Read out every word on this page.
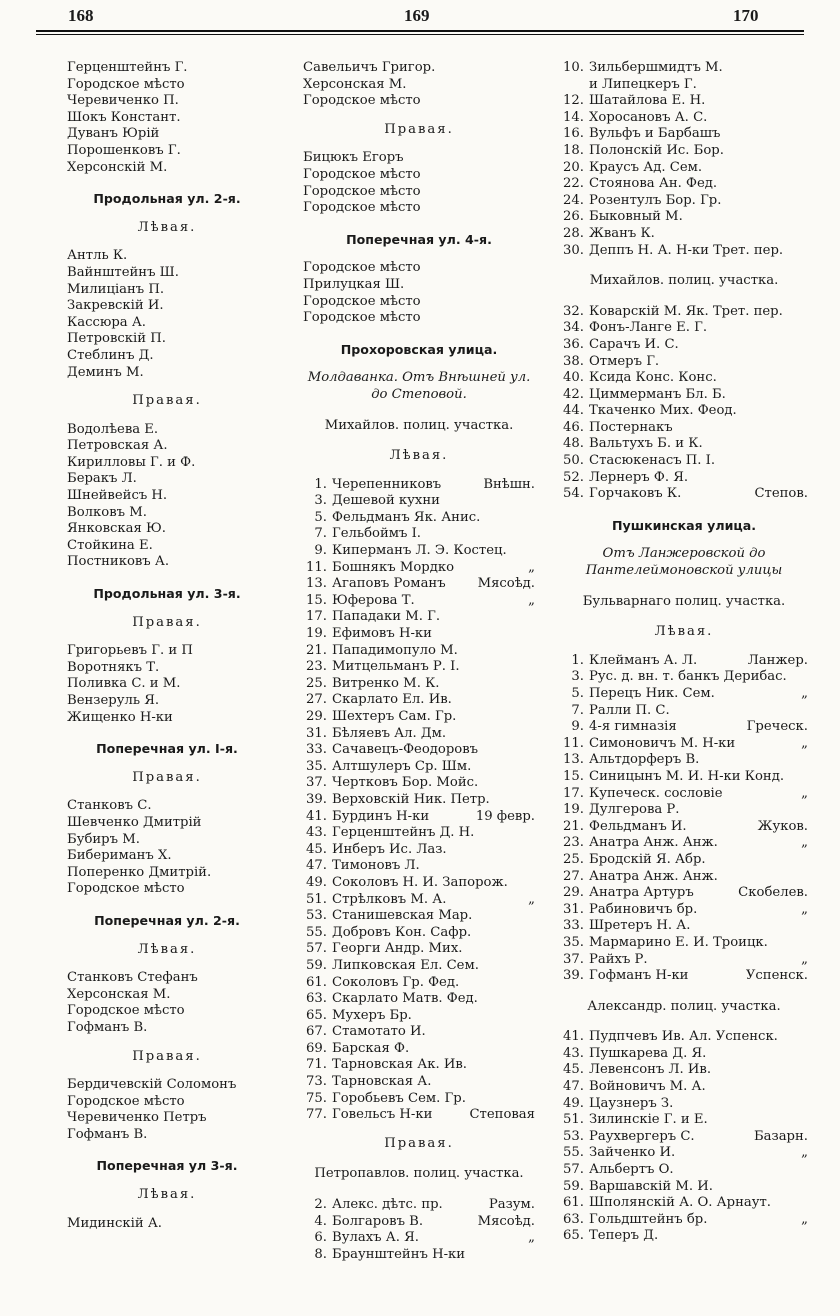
168	169	170
Герценштейнъ Г.
Городское мѣсто
Черевиченко П.
Шокъ Констант.
Дуванъ Юрій
Порошенковъ Г.
Херсонскій М.
Продольная ул. 2-я.
Лѣвая.
Антль К.
Вайнштейнъ Ш.
Милиціанъ П.
Закревскій И.
Кассюра А.
Петровскій П.
Стеблинъ Д.
Деминъ М.
Правая.
Водолѣева Е.
Петровская А.
Кирилловы Г. и Ф.
Беракъ Л.
Шнейвейсъ Н.
Волковъ М.
Янковская Ю.
Стойкина Е.
Постниковъ А.
Продольная ул. 3-я.
Правая.
Григорьевъ Г. и П
Воротнякъ Т.
Поливка С. и М.
Вензеруль Я.
Жищенко Н-ки
Поперечная ул. I-я.
Правая.
Станковъ С.
Шевченко Дмитрій
Бубиръ М.
Бибериманъ Х.
Поперенко Дмитрій.
Городское мѣсто
Поперечная ул. 2-я.
Лѣвая.
Станковъ Стефанъ
Херсонская М.
Городское мѣсто
Гофманъ В.
Правая.
Бердичевскій Соломонъ
Городское мѣсто
Черевиченко Петръ
Гофманъ В.
Поперечная ул 3-я.
Лѣвая.
Мидинскій А.
Савельичъ Григор.
Херсонская М.
Городское мѣсто
Правая.
Бицюкъ Егоръ
Городское мѣсто
Городское мѣсто
Городское мѣсто
Поперечная ул. 4-я.
Городское мѣсто
Прилуцкая Ш.
Городское мѣсто
Городское мѣсто
Прохоровская улица.
Молдаванка. Отъ Внѣшней ул. до Степовой.
Михайлов. полиц. участка.
Лѣвая.
1. Черепенниковъ	Внѣшн.
3. Дешевой кухни
5. Фельдманъ Як. Анис.
7. Гельбоймъ I.
9. Киперманъ Л. Э. Костец.
11. Бошнякъ Мордко	„
13. Агаповъ Романъ	Мясоѣд.
15. Юферова Т.	„
17. Пападаки М. Г.
19. Ефимовъ Н-ки
21. Пападимопуло М.
23. Митцельманъ Р. I.
25. Витренко М. К.
27. Скарлато Ел. Ив.
29. Шехтеръ Сам. Гр.
31. Бѣляевъ Ал. Дм.
33. Сачавецъ-Феодоровъ
35. Алтшулеръ Ср. Шм.
37. Чертковъ Бор. Мойс.
39. Верховскій Ник. Петр.
41. Бурдинъ Н-ки	19 февр.
43. Герценштейнъ Д. Н.
45. Инберъ Ис. Лаз.
47. Тимоновъ Л.
49. Соколовъ Н. И. Запорож.
51. Стрѣлковъ М. А.	„
53. Станишевская Мар.
55. Добровъ Кон. Сафр.
57. Георги Андр. Мих.
59. Липковская Ел. Сем.
61. Соколовъ Гр. Фед.
63. Скарлато Матв. Фед.
65. Мухеръ Бр.
67. Стамотато И.
69. Барская Ф.
71. Тарновская Ак. Ив.
73. Тарновская А.
75. Горобьевъ Сем. Гр.
77. Говельсъ Н-ки	Степовая
Правая.
Петропавлов. полиц. участка.
2. Алекс. дѣтс. пр.	Разум.
4. Болгаровъ В.	Мясоѣд.
6. Вулахъ А. Я.	„
8. Браунштейнъ Н-ки
10. Зильбершмидтъ М.
и Липецкеръ Г.
12. Шатайлова Е. Н.
14. Хоросановъ А. С.
16. Вульфъ и Барбашъ
18. Полонскій Ис. Бор.
20. Краусъ Ад. Сем.
22. Стоянова Ан. Фед.
24. Розентулъ Бор. Гр.
26. Быковный М.
28. Жванъ К.
30. Деппъ Н. А. Н-ки Трет. пер.
Михайлов. полиц. участка.
32. Коварскій М. Як. Трет. пер.
34. Фонъ-Ланге Е. Г.
36. Сарачъ И. С.
38. Отмеръ Г.
40. Ксида Конс. Конс.
42. Циммерманъ Бл. Б.
44. Ткаченко Мих. Феод.
46. Постернакъ
48. Вальтухъ Б. и К.
50. Стасюкенасъ П. I.
52. Лернеръ Ф. Я.
54. Горчаковъ К.	Степов.
Пушкинская улица.
Отъ Ланжеровской до Пантелеймоновской улицы
Бульварнаго полиц. участка.
Лѣвая.
1. Клейманъ А. Л.	Ланжер.
3. Рус. д. вн. т. банкъ Дерибас.
5. Перецъ Ник. Сем.	„
7. Ралли П. С.
9. 4-я гимназія	Греческ.
11. Симоновичъ М. Н-ки	„
13. Альтдорферъ В.
15. Синицынъ М. И. Н-ки Конд.
17. Купеческ. сословіе	„
19. Дулгерова Р.
21. Фельдманъ И.	Жуков.
23. Анатра Анж. Анж.	„
25. Бродскій Я. Абр.
27. Анатра Анж. Анж.
29. Анатра Артуръ	Скобелев.
31. Рабиновичъ бр.	„
33. Шретеръ Н. А.
35. Мармарино Е. И. Троицк.
37. Райхъ Р.	„
39. Гофманъ Н-ки	Успенск.
Александр. полиц. участка.
41. Пудпчевъ Ив. Ал. Успенск.
43. Пушкарева Д. Я.
45. Левенсонъ Л. Ив.
47. Войновичъ М. А.
49. Цаузнеръ З.
51. Зилинскіе Г. и Е.
53. Раухвергеръ С.	Базарн.
55. Зайченко И.	„
57. Альбертъ О.
59. Варшавскій М. И.
61. Шполянскій А. О. Арнаут.
63. Гольдштейнъ бр.	„
65. Теперъ Д.
